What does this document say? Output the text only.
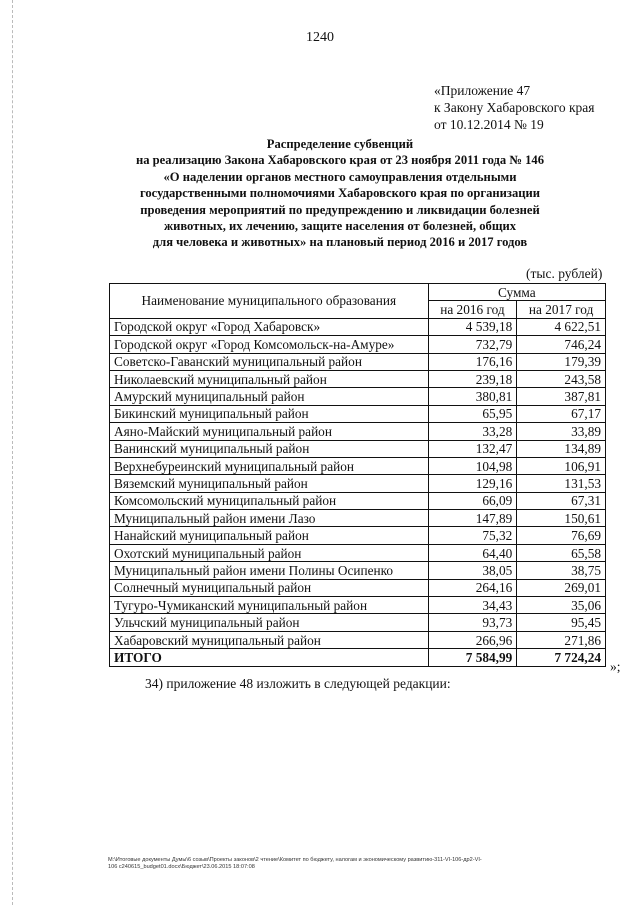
1240
«Приложение 47
к Закону Хабаровского края
от 10.12.2014 № 19
Распределение субвенций
на реализацию Закона Хабаровского края от 23 ноября 2011 года № 146
«О наделении органов местного самоуправления отдельными
государственными полномочиями Хабаровского края по организации
проведения мероприятий по предупреждению и ликвидации болезней
животных, их лечению, защите населения от болезней, общих
для человека и животных» на плановый период 2016 и 2017 годов
(тыс. рублей)
Наименование муниципального образования	Сумма	
	на 2016 год	на 2017 год
Городской округ «Город Хабаровск»	4 539,18	4 622,51
Городской округ «Город Комсомольск-на-Амуре»	732,79	746,24
Советско-Гаванский муниципальный район	176,16	179,39
Николаевский муниципальный район	239,18	243,58
Амурский муниципальный район	380,81	387,81
Бикинский муниципальный район	65,95	67,17
Аяно-Майский муниципальный район	33,28	33,89
Ванинский муниципальный район	132,47	134,89
Верхнебуреинский муниципальный район	104,98	106,91
Вяземский муниципальный район	129,16	131,53
Комсомольский муниципальный район	66,09	67,31
Муниципальный район имени Лазо	147,89	150,61
Нанайский муниципальный район	75,32	76,69
Охотский муниципальный район	64,40	65,58
Муниципальный район имени Полины Осипенко	38,05	38,75
Солнечный муниципальный район	264,16	269,01
Тугуро-Чумиканский муниципальный район	34,43	35,06
Ульчский муниципальный район	93,73	95,45
Хабаровский муниципальный район	266,96	271,86
ИТОГО	7 584,99	7 724,24
»;
34) приложение 48 изложить в следующей редакции:
M:\Итоговые документы Думы\6 созыв\Проекты законов\2 чтение\Комитет по бюджету, налогам и экономическому развитию-311-VI-106-др2-VI-
106 с240615_budget01.docx\Бюджет\23.06.2015 18:07:08
